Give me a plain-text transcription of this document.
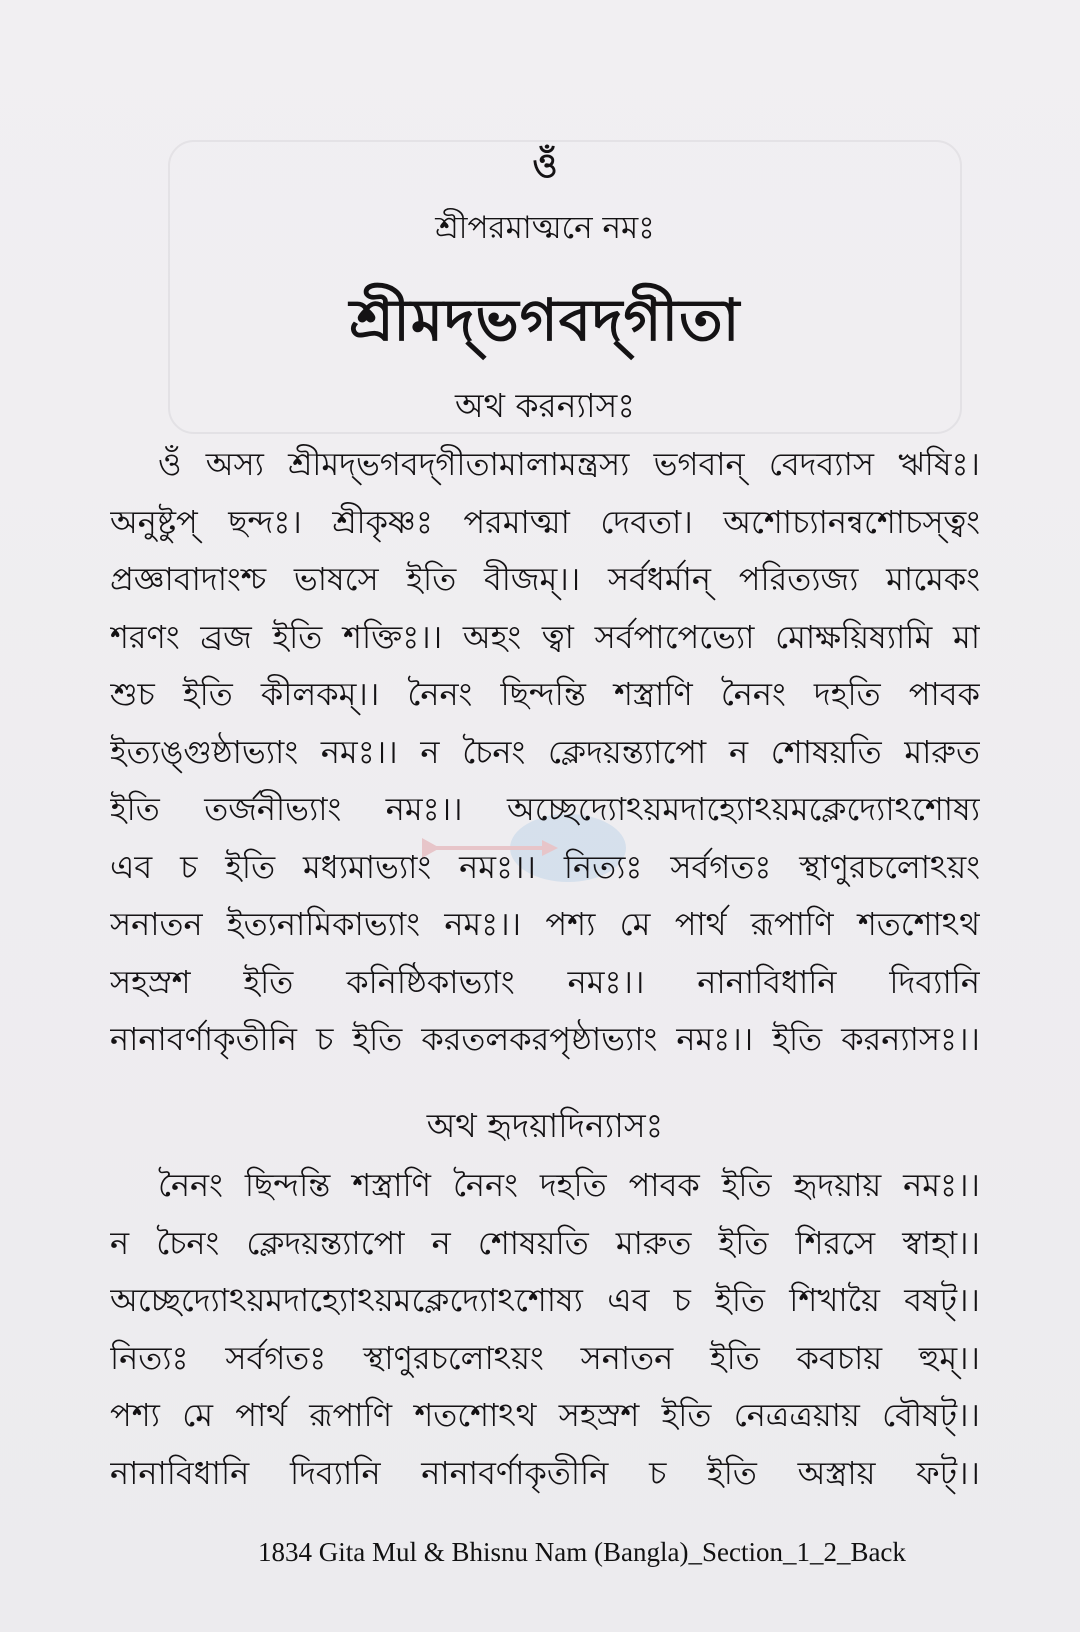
ওঁ
শ্রীপরমাত্মনে নমঃ
শ্রীমদ্‌ভগবদ্‌গীতা
অথ করন্যাসঃ
ওঁ অস্য শ্রীমদ্‌ভগবদ্‌গীতামালামন্ত্রস্য ভগবান্ বেদব্যাস ঋষিঃ।
অনুষ্টুপ্ ছন্দঃ। শ্রীকৃষ্ণঃ পরমাত্মা দেবতা। অশোচ্যানন্বশোচস্ত্বং
প্রজ্ঞাবাদাংশ্চ ভাষসে ইতি বীজম্।। সর্বধর্মান্ পরিত্যজ্য মামেকং
শরণং ব্রজ ইতি শক্তিঃ।। অহং ত্বা সর্বপাপেভ্যো মোক্ষয়িষ্যামি মা
শুচ ইতি কীলকম্।। নৈনং ছিন্দন্তি শস্ত্রাণি নৈনং দহতি পাবক
ইত্যঙ্গুষ্ঠাভ্যাং নমঃ।। ন চৈনং ক্লেদয়ন্ত্যাপো ন শোষয়তি মারুত
ইতি তর্জনীভ্যাং নমঃ।। অচ্ছেদ্যোঽয়মদাহ্যোঽয়মক্লেদ্যোঽশোষ্য
এব চ ইতি মধ্যমাভ্যাং নমঃ।। নিত্যঃ সর্বগতঃ স্থাণুরচলোঽয়ং
সনাতন ইত্যনামিকাভ্যাং নমঃ।। পশ্য মে পার্থ রূপাণি শতশোঽথ
সহস্রশ ইতি কনিষ্ঠিকাভ্যাং নমঃ।। নানাবিধানি দিব্যানি
নানাবর্ণাকৃতীনি চ ইতি করতলকরপৃষ্ঠাভ্যাং নমঃ।। ইতি করন্যাসঃ।।
অথ হৃদয়াদিন্যাসঃ
নৈনং ছিন্দন্তি শস্ত্রাণি নৈনং দহতি পাবক ইতি হৃদয়ায় নমঃ।।
ন চৈনং ক্লেদয়ন্ত্যাপো ন শোষয়তি মারুত ইতি শিরসে স্বাহা।।
অচ্ছেদ্যোঽয়মদাহ্যোঽয়মক্লেদ্যোঽশোষ্য এব চ ইতি শিখায়ৈ বষট্।।
নিত্যঃ সর্বগতঃ স্থাণুরচলোঽয়ং সনাতন ইতি কবচায় হুম্।।
পশ্য মে পার্থ রূপাণি শতশোঽথ সহস্রশ ইতি নেত্রত্রয়ায় বৌষট্।।
নানাবিধানি দিব্যানি নানাবর্ণাকৃতীনি চ ইতি অস্ত্রায় ফট্।।
1834 Gita Mul & Bhisnu Nam (Bangla)_Section_1_2_Back
